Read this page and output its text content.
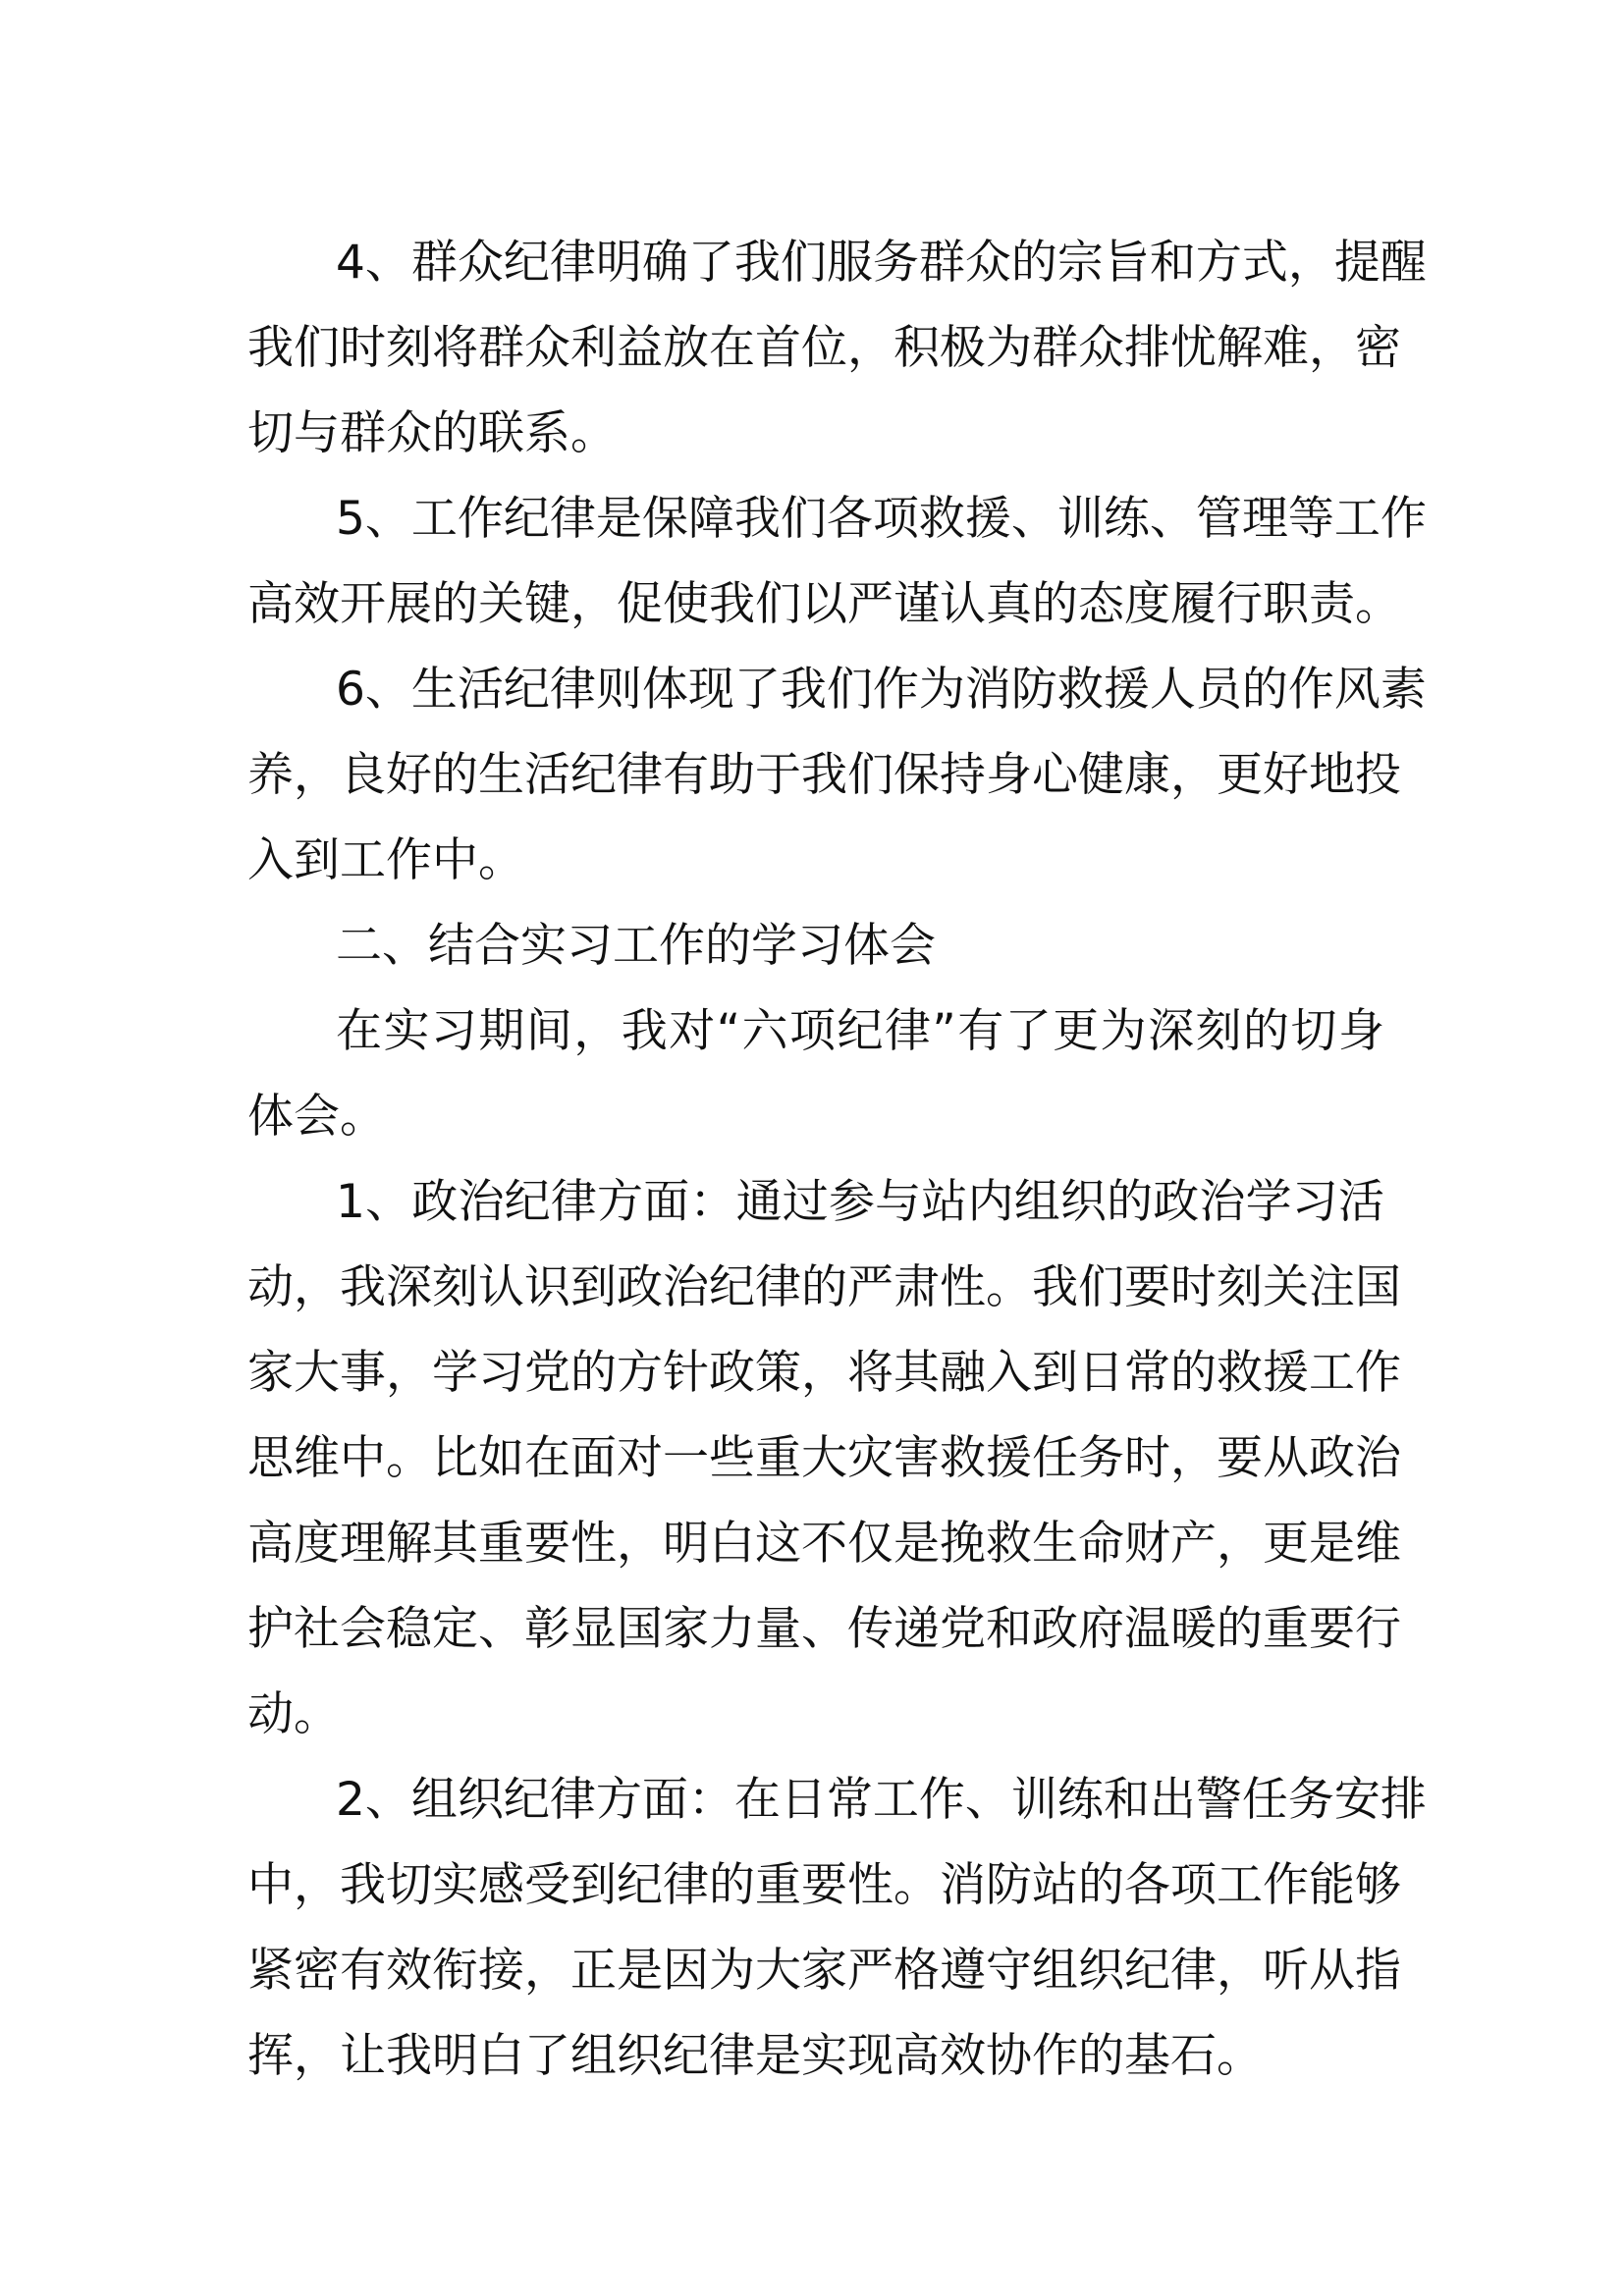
4、群众纪律明确了我们服务群众的宗旨和方式，提醒
我们时刻将群众利益放在首位，积极为群众排忧解难，密
切与群众的联系。
5、工作纪律是保障我们各项救援、训练、管理等工作
高效开展的关键，促使我们以严谨认真的态度履行职责。
6、生活纪律则体现了我们作为消防救援人员的作风素
养，良好的生活纪律有助于我们保持身心健康，更好地投
入到工作中。
二、结合实习工作的学习体会
在实习期间，我对“六项纪律”有了更为深刻的切身
体会。
1、政治纪律方面：通过参与站内组织的政治学习活
动，我深刻认识到政治纪律的严肃性。我们要时刻关注国
家大事，学习党的方针政策，将其融入到日常的救援工作
思维中。比如在面对一些重大灾害救援任务时，要从政治
高度理解其重要性，明白这不仅是挽救生命财产，更是维
护社会稳定、彰显国家力量、传递党和政府温暖的重要行
动。
2、组织纪律方面：在日常工作、训练和出警任务安排
中，我切实感受到纪律的重要性。消防站的各项工作能够
紧密有效衔接，正是因为大家严格遵守组织纪律，听从指
挥，让我明白了组织纪律是实现高效协作的基石。
